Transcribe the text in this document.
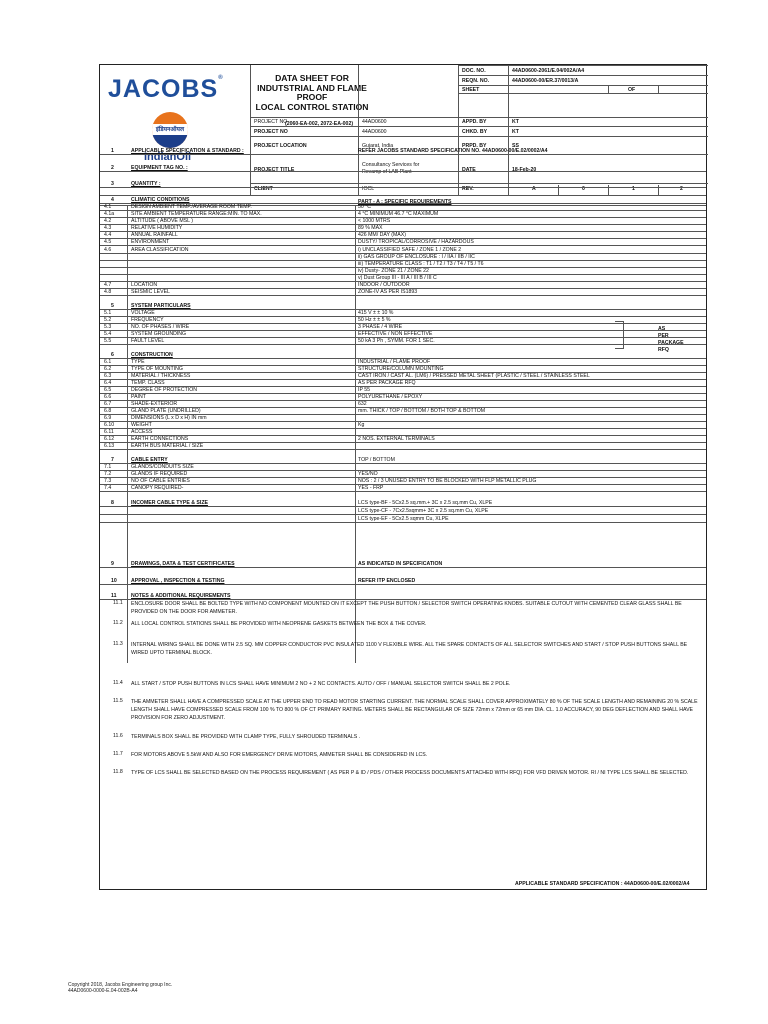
JACOBS®
इंडियनऑयल
IndianOil
DATA SHEET FOR
INDUTSTRIAL AND FLAME PROOF
LOCAL CONTROL STATION
(2060-EA-002, 2072-EA-002)
DOC. NO.	44AD0600-2061/E.04/002A/A4
REQN. NO.	44AD0600-00/ER.37/0013/A
SHEET	OF
PROJECT NO	44AD0600	APPD. BY	KT
PROJECT NO	44AD0600	CHKD. BY	KT
PROJECT LOCATION	Gujarat, India	PRPD. BY	SS
PROJECT TITLE
Consultancy Services for
Revamp of LAB Plant	DATE	18-Feb-20
CLIENT	IOCL	REV.	A	0	1	2
PART - A : SPECIFIC REQUIREMENTS
1	APPLICABLE SPECIFICATION & STANDARD :	REFER JACOBS STANDARD SPECIFICATION NO. 44AD0600-00/E.02/0002/A4
2	EQUIPMENT TAG NO. :
3	QUANTITY :
4	CLIMATIC CONDITIONS
4.1	DESIGN AMBIENT TEMP./AVERAGE ROOM TEMP.	50 °C
4.1a	SITE AMBIENT TEMPERATURE RANGE:MIN. TO MAX.	4 °C MINIMUM 46.7 °C MAXIMUM
4.2	ALTITUDE ( ABOVE MSL )	< 1000 MTRS
4.3	RELATIVE HUMIDITY	89 % MAX
4.4	ANNUAL RAINFALL	426 MM/ DAY (MAX)
4.5	ENVIRONMENT	DUSTY/ TROPICAL/CORROSIVE / HAZARDOUS
4.6	AREA CLASSIFICATION	i) UNCLASSIFIED SAFE / ZONE 1 / ZONE 2
ii) GAS GROUP OF ENCLOSURE : I / IIA / IIB / IIC
iii) TEMPERATURE CLASS : T1 / T2 / T3 / T4 / T5 / T6
iv) Dusty- ZONE 21 / ZONE 22
v) Dust Group III - III A / III B / III C
4.7	LOCATION	INDOOR / OUTDOOR
4.8	SEISMIC LEVEL	ZONE-IV AS PER IS1893
5	SYSTEM PARTICULARS
5.1	VOLTAGE	415 V ± ± 10 %
5.2	FREQUENCY	50 Hz ± ± 5 %
5.3	NO. OF PHASES / WIRE	3 PHASE / 4 WIRE
5.4	SYSTEM GROUNDING	EFFECTIVE / NON EFFECTIVE
5.5	FAULT LEVEL	50 kA 3 Ph , SYMM. FOR 1 SEC.
6	CONSTRUCTION
6.1	TYPE	INDUSTRIAL / FLAME PROOF
6.2	TYPE OF MOUNTING	STRUCTURE/COLUMN MOUNTING
6.3	MATERIAL / THICKNESS	CAST IRON / CAST AL. (LM6) / PRESSED METAL SHEET (PLASTIC / STEEL / STAINLESS STEEL
6.4	TEMP. CLASS	AS PER PACKAGE RFQ
6.5	DEGREE OF PROTECTION	IP 55
6.6	PAINT	POLYURETHANE / EPOXY
6.7	SHADE-EXTERIOR	632
6.8	GLAND PLATE (UNDRILLED)	mm. THICK / TOP / BOTTOM / BOTH TOP & BOTTOM
6.9	DIMENSIONS (L x D x H) IN mm
6.10	WEIGHT	Kg
6.11	ACCESS
6.12	EARTH CONNECTIONS	2 NOS. EXTERNAL TERMINALS
6.13	EARTH BUS MATERIAL / SIZE
7	CABLE ENTRY	TOP / BOTTOM
7.1	GLANDS/CONDUITS SIZE
7.2	GLANDS IF REQUIRED	YES/NO
7.3	NO OF CABLE ENTRIES	NOS : 2 / 3 UNUSED ENTRY TO BE BLOCKED WITH FLP METALLIC PLUG
7.4	CANOPY REQUIRED-	YES - FRP
8	INCOMER CABLE TYPE & SIZE	LCS type-BF - 5Cx2.5 sq.mm.+ 3C x 2.5 sq.mm Cu, XLPE
LCS type-CF - 7Cx2.5sqmm+ 3C x 2.5 sq.mm Cu, XLPE
LCS type-EF - 5Cx2.5 sqmm Cu, XLPE
9	DRAWINGS, DATA & TEST CERTIFICATES	AS INDICATED IN SPECIFICATION
10	APPROVAL , INSPECTION & TESTING	REFER ITP ENCLOSED
11	NOTES & ADDITIONAL REQUIREMENTS
AS
PER
PACKAGE
RFQ
11.1 ENCLOSURE DOOR SHALL BE BOLTED TYPE WITH NO COMPONENT MOUNTED ON IT EXCEPT THE PUSH BUTTON / SELECTOR SWITCH OPERATING KNOBS. SUITABLE CUTOUT WITH CEMENTED CLEAR GLASS SHALL BE PROVIDED ON THE DOOR FOR AMMETER.
11.2 ALL LOCAL CONTROL STATIONS SHALL BE PROVIDED WITH NEOPRENE GASKETS BETWEEN THE BOX & THE COVER.
11.3 INTERNAL WIRING SHALL BE DONE WITH 2.5 SQ. MM COPPER CONDUCTOR PVC INSULATED 1100 V FLEXIBLE WIRE. ALL THE SPARE CONTACTS OF ALL SELECTOR SWITCHES AND START / STOP PUSH BUTTONS SHALL BE WIRED UPTO TERMINAL BLOCK.
11.4 ALL START / STOP PUSH BUTTONS IN LCS SHALL HAVE MINIMUM 2 NO + 2 NC CONTACTS. AUTO / OFF / MANUAL SELECTOR SWITCH SHALL BE 2 POLE.
11.5 THE AMMETER SHALL HAVE A COMPRESSED SCALE AT THE UPPER END TO READ MOTOR STARTING CURRENT. THE NORMAL SCALE SHALL COVER APPROXIMATELY 80 % OF THE SCALE LENGTH AND REMAINING 20 % SCALE LENGTH SHALL HAVE COMPRESSED SCALE FROM 100 % TO 800 % OF CT PRIMARY RATING. METERS SHALL BE RECTANGULAR OF SIZE 72mm x 72mm or 65 mm DIA. CL. 1.0 ACCURACY, 90 DEG DEFLECTION AND SHALL HAVE PROVISION FOR ZERO ADJUSTMENT.
11.6 TERMINALS BOX SHALL BE PROVIDED WITH CLAMP TYPE, FULLY SHROUDED TERMINALS .
11.7 FOR MOTORS ABOVE 5.5kW AND ALSO FOR EMERGENCY DRIVE MOTORS, AMMETER SHALL BE CONSIDERED IN LCS.
11.8 TYPE OF LCS SHALL BE SELECTED BASED ON THE PROCESS REQUIREMENT ( AS PER P & ID / PDS / OTHER PROCESS DOCUMENTS ATTACHED WITH RFQ) FOR VFD DRIVEN MOTOR. RI / NI TYPE LCS SHALL BE SELECTED.
APPLICABLE STANDARD SPECIFICATION : 44AD0600-00/E.02/0002/A4
Copyright 2018, Jacobs Engineering group Inc.
44AD0600-0000-E.04-002B-A4
